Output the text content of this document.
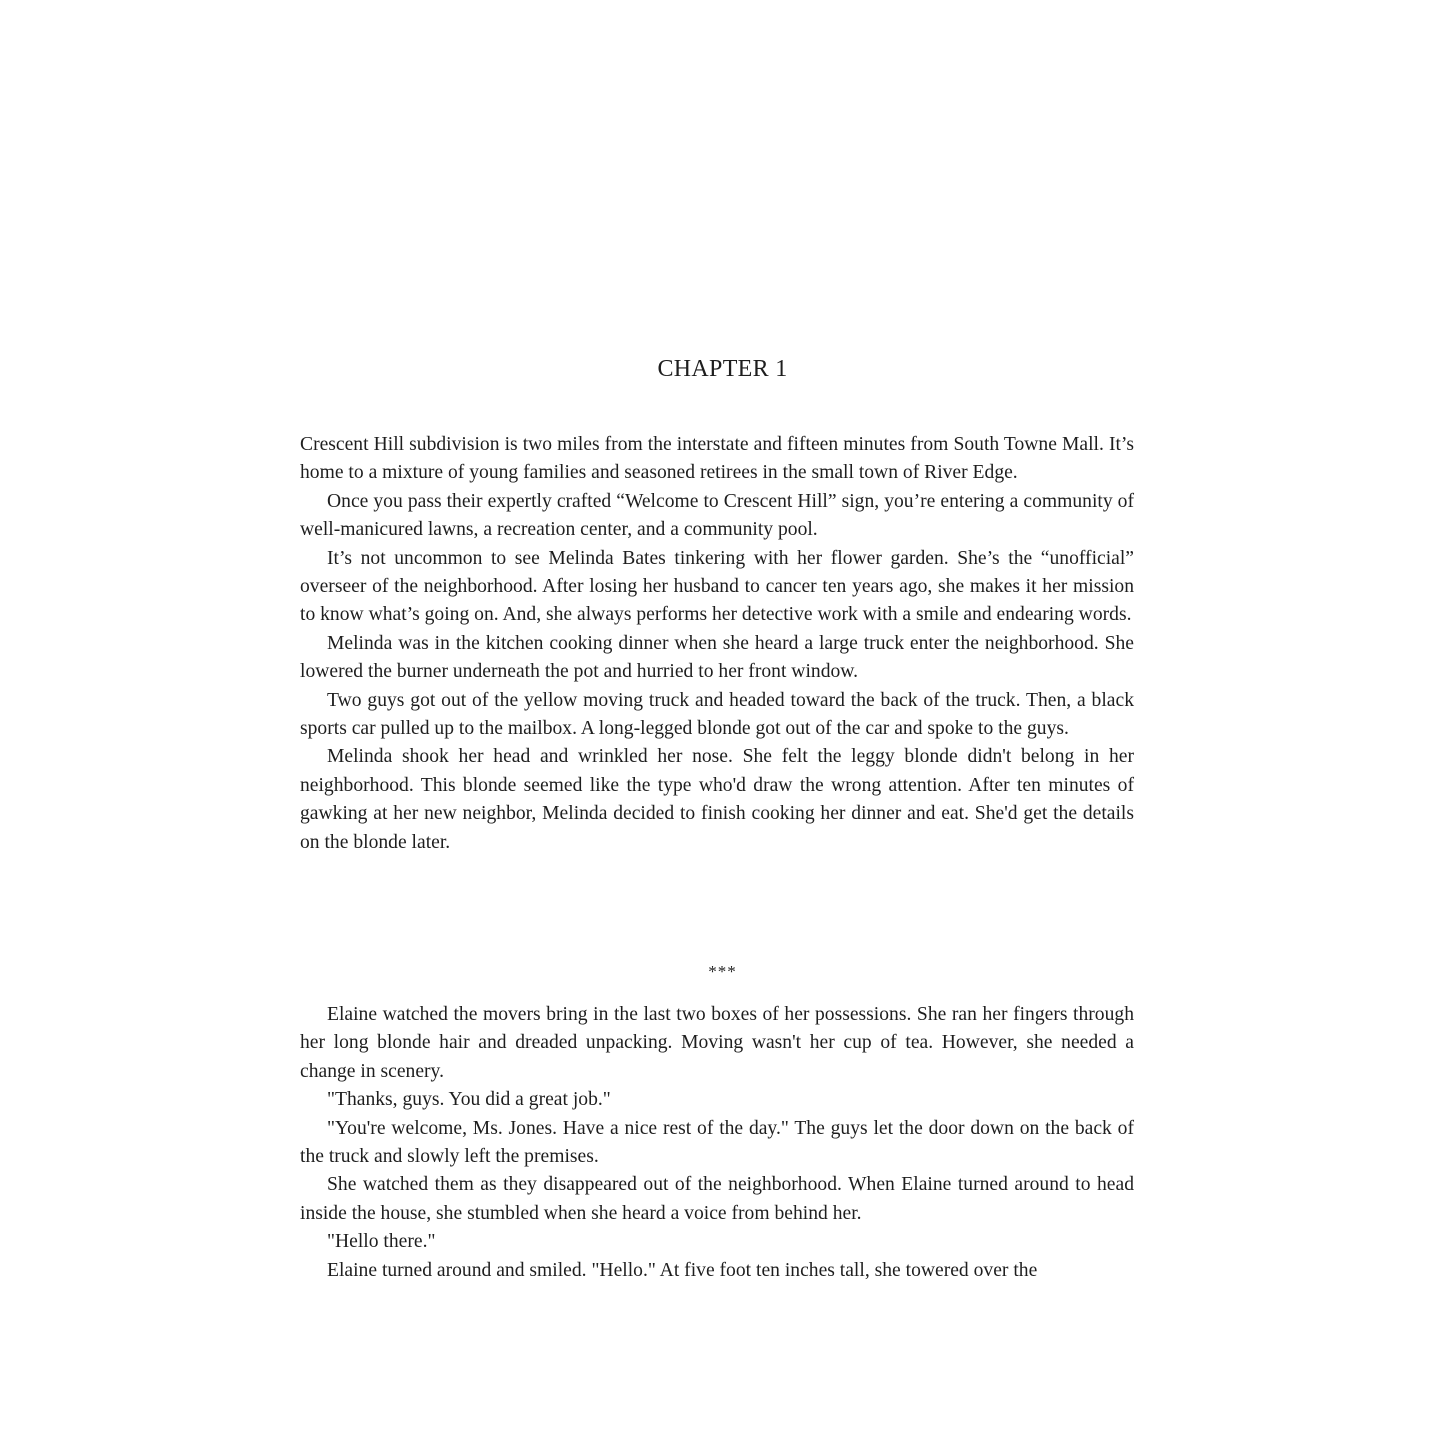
CHAPTER 1

Crescent Hill subdivision is two miles from the interstate and fifteen minutes from South Towne Mall. It’s home to a mixture of young families and seasoned retirees in the small town of River Edge.

Once you pass their expertly crafted “Welcome to Crescent Hill” sign, you’re entering a community of well-manicured lawns, a recreation center, and a community pool.

It’s not uncommon to see Melinda Bates tinkering with her flower garden. She’s the “unofficial” overseer of the neighborhood. After losing her husband to cancer ten years ago, she makes it her mission to know what’s going on. And, she always performs her detective work with a smile and endearing words.

Melinda was in the kitchen cooking dinner when she heard a large truck enter the neighborhood. She lowered the burner underneath the pot and hurried to her front window.

Two guys got out of the yellow moving truck and headed toward the back of the truck. Then, a black sports car pulled up to the mailbox. A long-legged blonde got out of the car and spoke to the guys.

Melinda shook her head and wrinkled her nose. She felt the leggy blonde didn't belong in her neighborhood. This blonde seemed like the type who'd draw the wrong attention. After ten minutes of gawking at her new neighbor, Melinda decided to finish cooking her dinner and eat. She'd get the details on the blonde later.

***

Elaine watched the movers bring in the last two boxes of her possessions. She ran her fingers through her long blonde hair and dreaded unpacking. Moving wasn't her cup of tea. However, she needed a change in scenery.

"Thanks, guys. You did a great job."

"You're welcome, Ms. Jones. Have a nice rest of the day." The guys let the door down on the back of the truck and slowly left the premises.

She watched them as they disappeared out of the neighborhood. When Elaine turned around to head inside the house, she stumbled when she heard a voice from behind her.

"Hello there."

Elaine turned around and smiled. "Hello." At five foot ten inches tall, she towered over the
